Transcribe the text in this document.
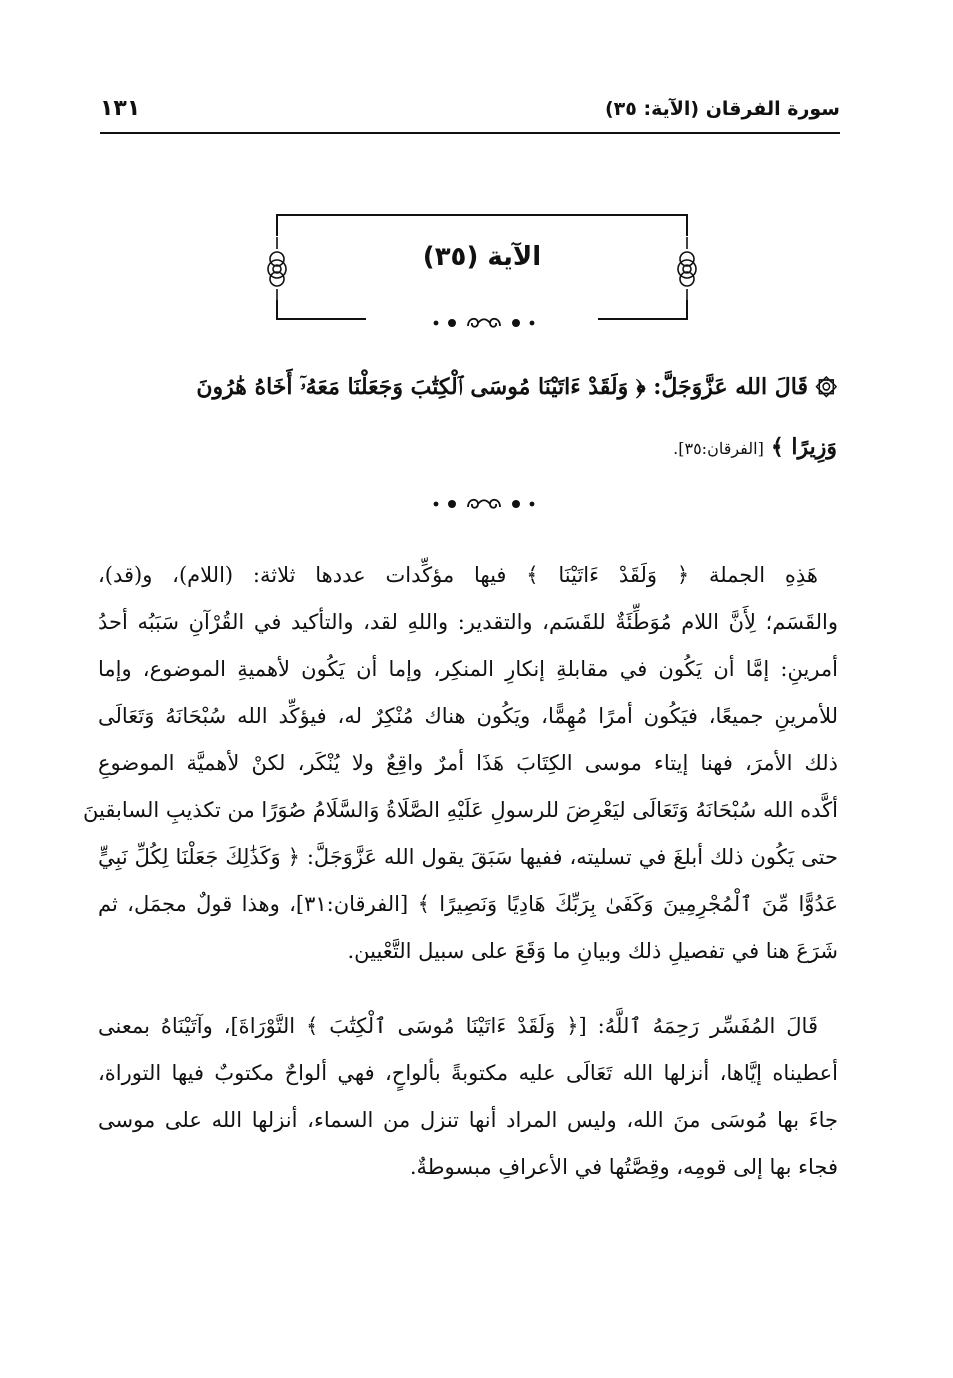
سورة الفرقان (الآية: ٣٥)
١٣١
الآية (٣٥)
۞ قَالَ الله عَزَّوَجَلَّ: ﴿ وَلَقَدْ ءَاتَيْنَا مُوسَى ٱلْكِتَٰبَ وَجَعَلْنَا مَعَهُۥٓ أَخَاهُ هَٰرُونَ
وَزِيرًا ﴾ [الفرقان:٣٥].
هَذِهِ الجملة ﴿ وَلَقَدْ ءَاتَيْنَا ﴾ فيها مؤكِّدات عددها ثلاثة: (اللام)، و(قد)،
والقَسَم؛ لِأَنَّ اللام مُوَطِّئَةٌ للقَسَم، والتقدير: واللهِ لقد، والتأكيد في القُرْآنِ سَبَبُه أحدُ
أمرينِ: إمَّا أن يَكُون في مقابلةِ إنكارِ المنكِر، وإما أن يَكُون لأهميةِ الموضوع، وإما
للأمرينِ جميعًا، فيَكُون أمرًا مُهِمًّا، ويَكُون هناك مُنْكِرٌ له، فيؤكِّد الله سُبْحَانَهُ وَتَعَالَى
ذلك الأمرَ، فهنا إيتاء موسى الكِتَابَ هَذَا أمرٌ واقِعٌ ولا يُنْكَر، لكنْ لأهميَّة الموضوعِ
أكَّده الله سُبْحَانَهُ وَتَعَالَى ليَعْرِضَ للرسولِ عَلَيْهِ الصَّلَاةُ وَالسَّلَامُ صُوَرًا من تكذيبِ السابقينَ
حتى يَكُون ذلك أبلغَ في تسليته، ففيها سَبَقَ يقول الله عَزَّوَجَلَّ: ﴿ وَكَذَٰلِكَ جَعَلْنَا لِكُلِّ نَبِيٍّ
عَدُوًّا مِّنَ ٱلْمُجْرِمِينَ وَكَفَىٰ بِرَبِّكَ هَادِيًا وَنَصِيرًا ﴾ [الفرقان:٣١]، وهذا قولٌ مجمَل، ثم
شَرَعَ هنا في تفصيلِ ذلك وبيانِ ما وَقَعَ على سبيل التَّعْيين.
قَالَ المُفَسِّر رَحِمَهُ ٱللَّهُ: [﴿ وَلَقَدْ ءَاتَيْنَا مُوسَى ٱلْكِتَٰبَ ﴾ التَّوْرَاةَ]، وآتَيْنَاهُ بمعنى
أعطيناه إيَّاها، أنزلها الله تَعَالَى عليه مكتوبةً بألواحٍ، فهي ألواحٌ مكتوبٌ فيها التوراة،
جاءَ بها مُوسَى منَ الله، وليس المراد أنها تنزل من السماء، أنزلها الله على موسى
فجاء بها إلى قومِه، وقِصَّتُها في الأعرافِ مبسوطةٌ.
